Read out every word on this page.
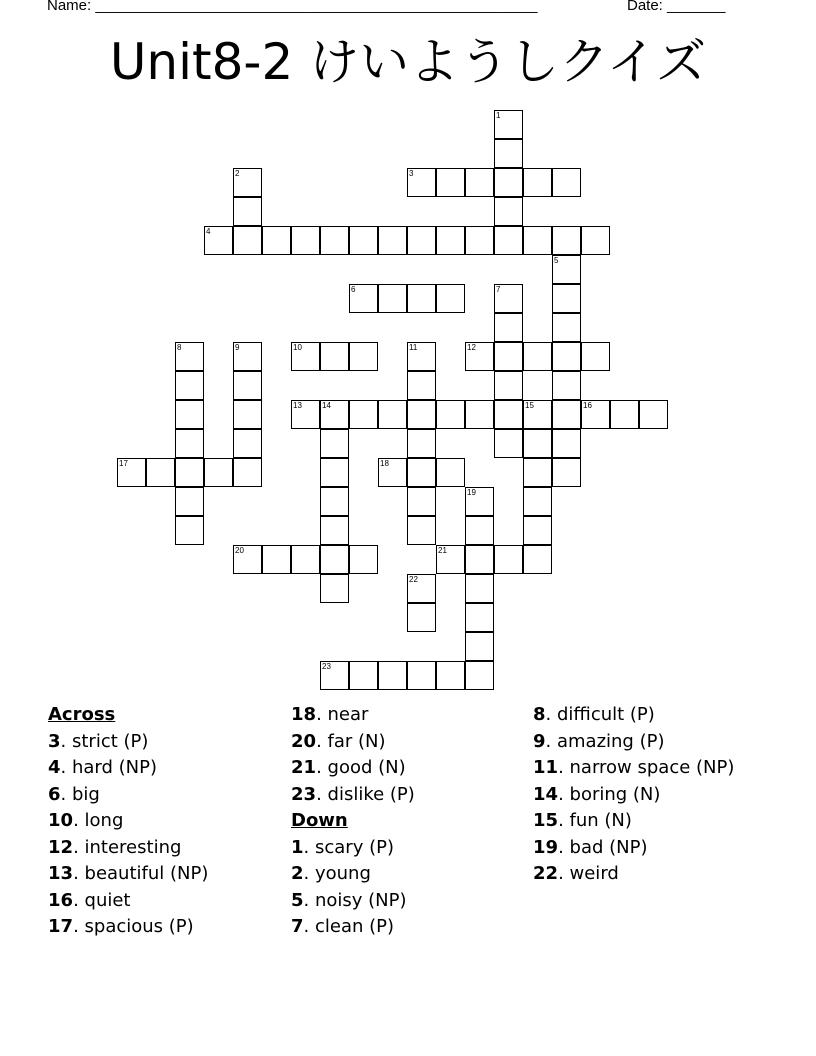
Name: _____________________________________________________	Date: _______
Unit8-2 けいようしクイズ
1
2	3
4
5
6	7
8	9	10	11	12
13	14	15	16
17	18
19
20	21
22
23
Across
3. strict (P)
4. hard (NP)
6. big
10. long
12. interesting
13. beautiful (NP)
16. quiet
17. spacious (P)
18. near
20. far (N)
21. good (N)
23. dislike (P)
Down
1. scary (P)
2. young
5. noisy (NP)
7. clean (P)
8. difficult (P)
9. amazing (P)
11. narrow space (NP)
14. boring (N)
15. fun (N)
19. bad (NP)
22. weird
